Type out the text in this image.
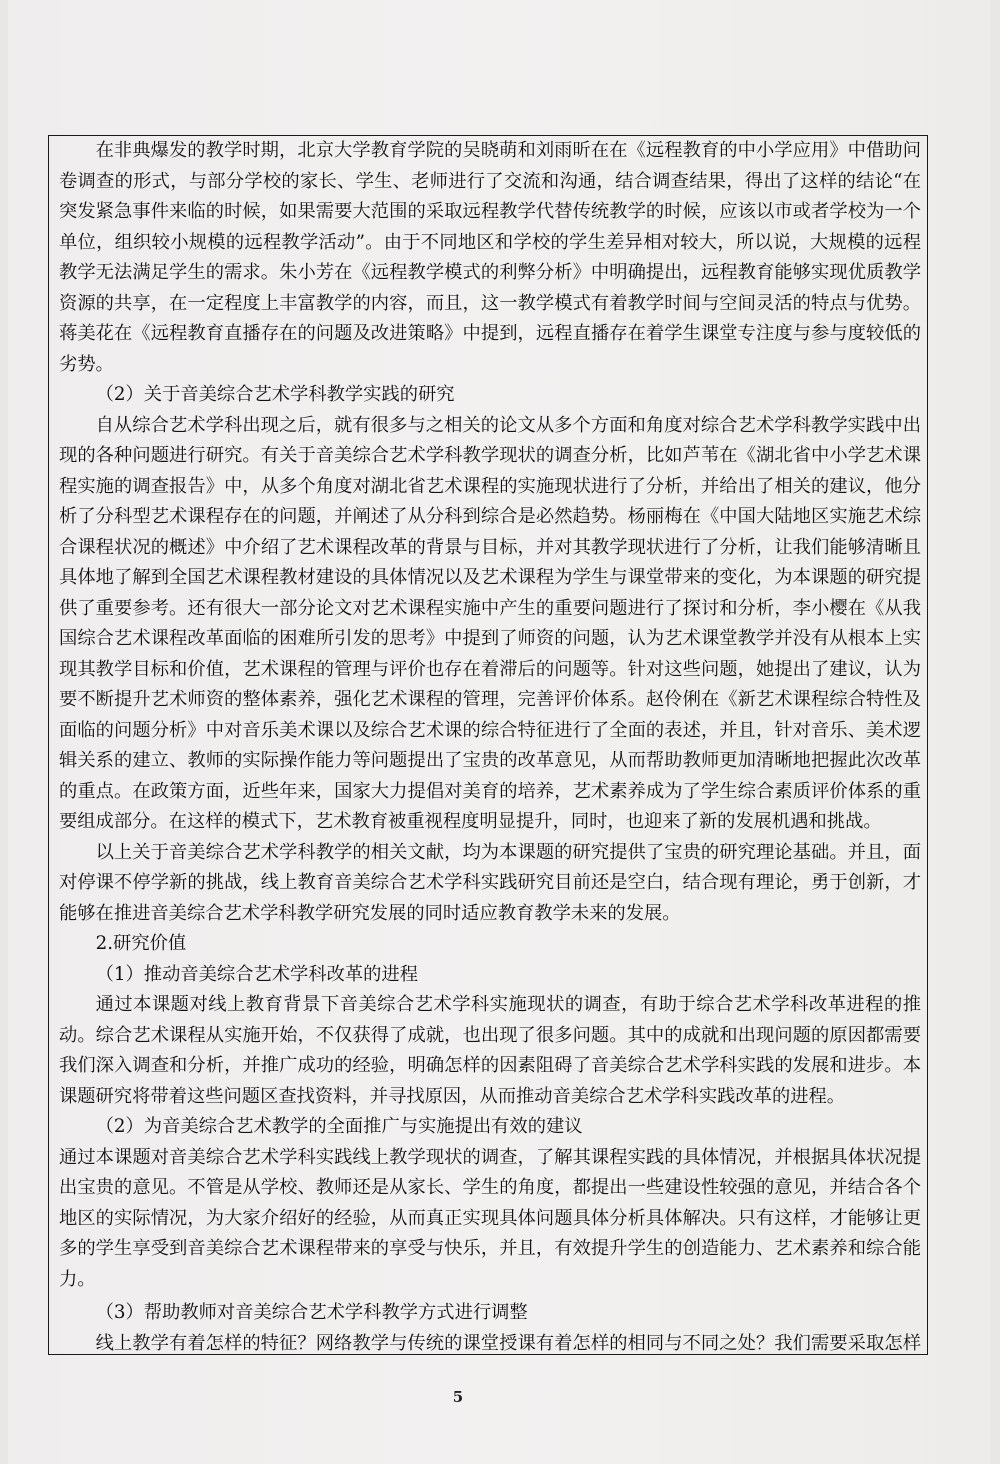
在非典爆发的教学时期，北京大学教育学院的吴晓萌和刘雨昕在在《远程教育的中小学应用》中借助问卷调查的形式，与部分学校的家长、学生、老师进行了交流和沟通，结合调查结果，得出了这样的结论“在突发紧急事件来临的时候，如果需要大范围的采取远程教学代替传统教学的时候，应该以市或者学校为一个单位，组织较小规模的远程教学活动”。由于不同地区和学校的学生差异相对较大，所以说，大规模的远程教学无法满足学生的需求。朱小芳在《远程教学模式的利弊分析》中明确提出，远程教育能够实现优质教学资源的共享，在一定程度上丰富教学的内容，而且，这一教学模式有着教学时间与空间灵活的特点与优势。蒋美花在《远程教育直播存在的问题及改进策略》中提到，远程直播存在着学生课堂专注度与参与度较低的劣势。

（2）关于音美综合艺术学科教学实践的研究

自从综合艺术学科出现之后，就有很多与之相关的论文从多个方面和角度对综合艺术学科教学实践中出现的各种问题进行研究。有关于音美综合艺术学科教学现状的调查分析，比如芦苇在《湖北省中小学艺术课程实施的调查报告》中，从多个角度对湖北省艺术课程的实施现状进行了分析，并给出了相关的建议，他分析了分科型艺术课程存在的问题，并阐述了从分科到综合是必然趋势。杨丽梅在《中国大陆地区实施艺术综合课程状况的概述》中介绍了艺术课程改革的背景与目标，并对其教学现状进行了分析，让我们能够清晰且具体地了解到全国艺术课程教材建设的具体情况以及艺术课程为学生与课堂带来的变化，为本课题的研究提供了重要参考。还有很大一部分论文对艺术课程实施中产生的重要问题进行了探讨和分析，李小樱在《从我国综合艺术课程改革面临的困难所引发的思考》中提到了师资的问题，认为艺术课堂教学并没有从根本上实现其教学目标和价值，艺术课程的管理与评价也存在着滞后的问题等。针对这些问题，她提出了建议，认为要不断提升艺术师资的整体素养，强化艺术课程的管理，完善评价体系。赵伶俐在《新艺术课程综合特性及面临的问题分析》中对音乐美术课以及综合艺术课的综合特征进行了全面的表述，并且，针对音乐、美术逻辑关系的建立、教师的实际操作能力等问题提出了宝贵的改革意见，从而帮助教师更加清晰地把握此次改革的重点。在政策方面，近些年来，国家大力提倡对美育的培养，艺术素养成为了学生综合素质评价体系的重要组成部分。在这样的模式下，艺术教育被重视程度明显提升，同时，也迎来了新的发展机遇和挑战。

以上关于音美综合艺术学科教学的相关文献，均为本课题的研究提供了宝贵的研究理论基础。并且，面对停课不停学新的挑战，线上教育音美综合艺术学科实践研究目前还是空白，结合现有理论，勇于创新，才能够在推进音美综合艺术学科教学研究发展的同时适应教育教学未来的发展。

2.研究价值

（1）推动音美综合艺术学科改革的进程

通过本课题对线上教育背景下音美综合艺术学科实施现状的调查，有助于综合艺术学科改革进程的推动。综合艺术课程从实施开始，不仅获得了成就，也出现了很多问题。其中的成就和出现问题的原因都需要我们深入调查和分析，并推广成功的经验，明确怎样的因素阻碍了音美综合艺术学科实践的发展和进步。本课题研究将带着这些问题区查找资料，并寻找原因，从而推动音美综合艺术学科实践改革的进程。

（2）为音美综合艺术教学的全面推广与实施提出有效的建议

通过本课题对音美综合艺术学科实践线上教学现状的调查，了解其课程实践的具体情况，并根据具体状况提出宝贵的意见。不管是从学校、教师还是从家长、学生的角度，都提出一些建设性较强的意见，并结合各个地区的实际情况，为大家介绍好的经验，从而真正实现具体问题具体分析具体解决。只有这样，才能够让更多的学生享受到音美综合艺术课程带来的享受与快乐，并且，有效提升学生的创造能力、艺术素养和综合能力。

（3）帮助教师对音美综合艺术学科教学方式进行调整

线上教学有着怎样的特征？网络教学与传统的课堂授课有着怎样的相同与不同之处？我们需要采取怎样

5
